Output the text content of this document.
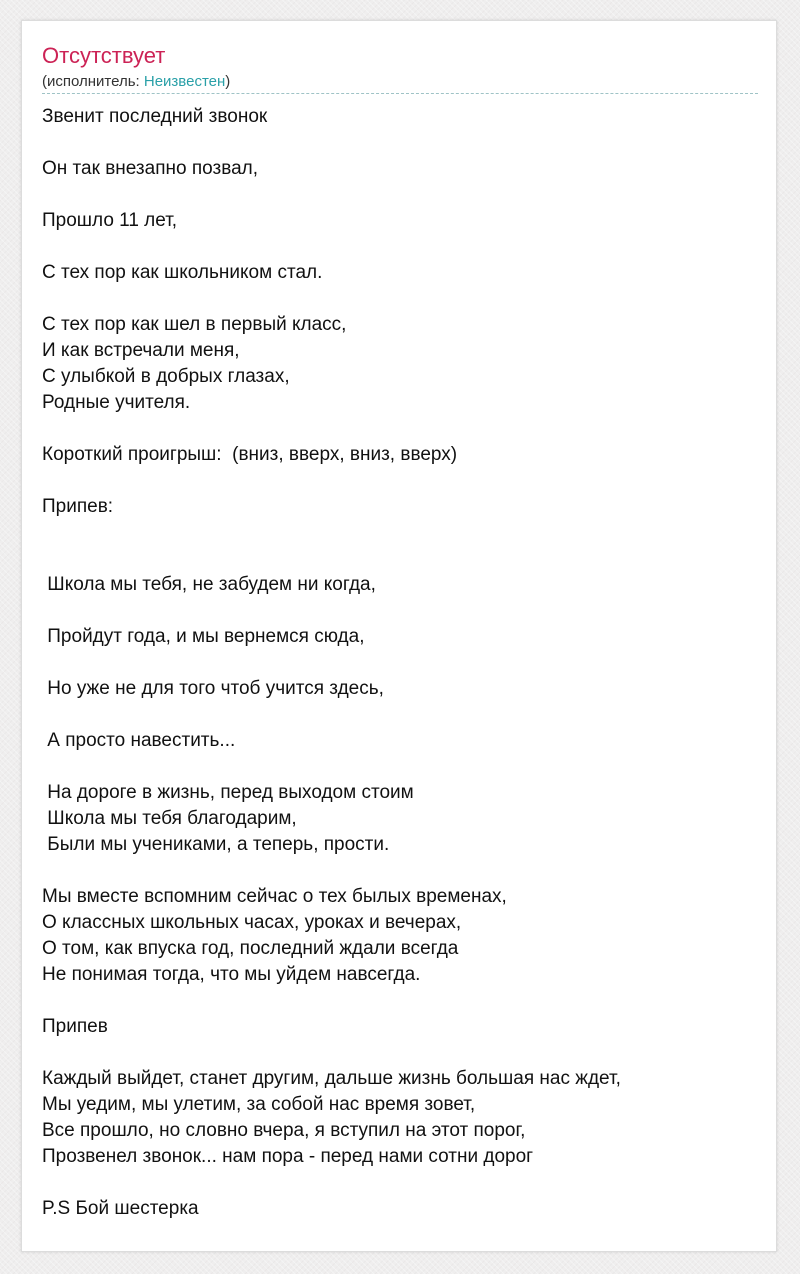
Отсутствует
(исполнитель: Неизвестен)
Звенит последний звонок
Он так внезапно позвал,
Прошло 11 лет,
С тех пор как школьником стал.
С тех пор как шел в первый класс,
И как встречали меня,
С улыбкой в добрых глазах,
Родные учителя.
Короткий проигрыш:  (вниз, вверх, вниз, вверх)
Припев:
Школа мы тебя, не забудем ни когда,
Пройдут года, и мы вернемся сюда,
Но уже не для того чтоб учится здесь,
А просто навестить...
На дороге в жизнь, перед выходом стоим
Школа мы тебя благодарим,
Были мы учениками, а теперь, прости.
Мы вместе вспомним сейчас о тех былых временах,
О классных школьных часах, уроках и вечерах,
О том, как впуска год, последний ждали всегда
Не понимая тогда, что мы уйдем навсегда.
Припев
Каждый выйдет, станет другим, дальше жизнь большая нас ждет,
Мы уедим, мы улетим, за собой нас время зовет,
Все прошло, но словно вчера, я вступил на этот порог,
Прозвенел звонок... нам пора - перед нами сотни дорог
P.S Бой шестерка
